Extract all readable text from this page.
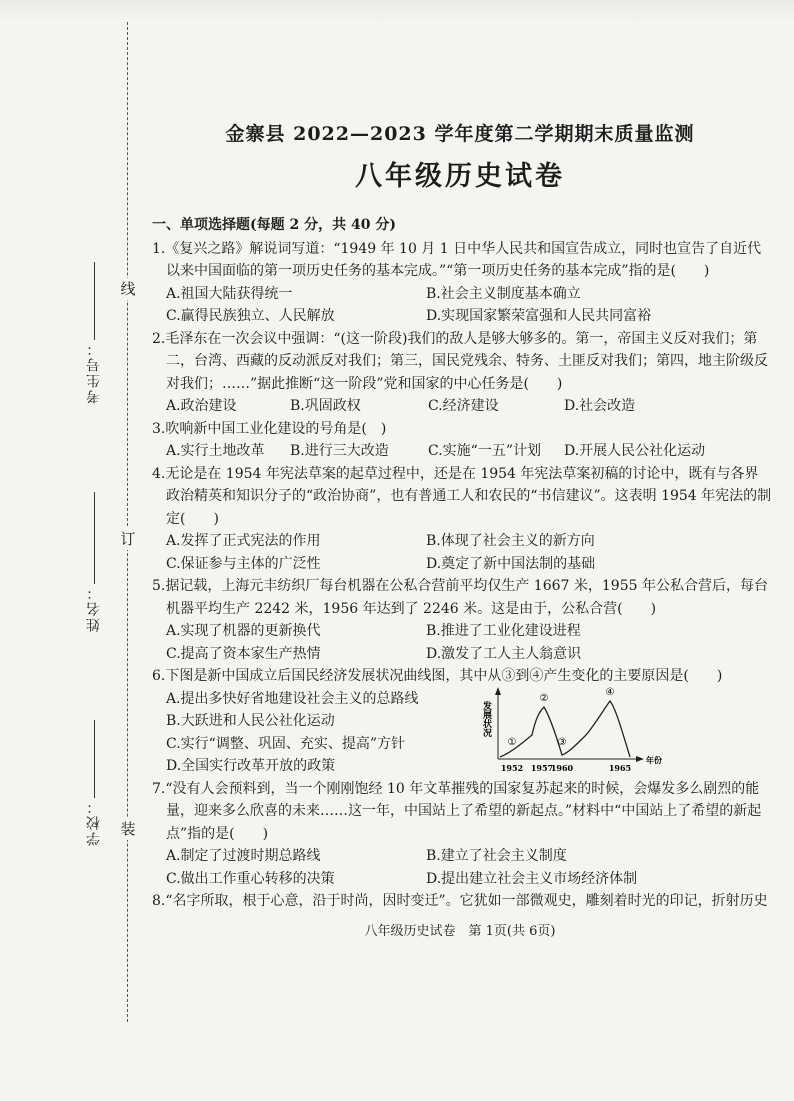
线
订
装
考生号：
姓名：
学校：
金寨县 2022—2023 学年度第二学期期末质量监测
八年级历史试卷
一、单项选择题(每题 2 分，共 40 分)

1.《复兴之路》解说词写道：“1949 年 10 月 1 日中华人民共和国宣告成立，同时也宣告了自近代以来中国面临的第一项历史任务的基本完成。”“第一项历史任务的基本完成”指的是(　　)

A.祖国大陆获得统一	B.社会主义制度基本确立
C.赢得民族独立、人民解放	D.实现国家繁荣富强和人民共同富裕

2.毛泽东在一次会议中强调：“(这一阶段)我们的敌人是够大够多的。第一，帝国主义反对我们；第二，台湾、西藏的反动派反对我们；第三，国民党残余、特务、土匪反对我们；第四，地主阶级反对我们；……”据此推断“这一阶段”党和国家的中心任务是(　　)

A.政治建设	B.巩固政权	C.经济建设	D.社会改造

3.吹响新中国工业化建设的号角是(　)

A.实行土地改革	B.进行三大改造	C.实施“一五”计划	D.开展人民公社化运动

4.无论是在 1954 年宪法草案的起草过程中，还是在 1954 年宪法草案初稿的讨论中，既有与各界政治精英和知识分子的“政治协商”，也有普通工人和农民的“书信建议”。这表明 1954 年宪法的制定(　　)

A.发挥了正式宪法的作用	B.体现了社会主义的新方向
C.保证参与主体的广泛性	D.奠定了新中国法制的基础

5.据记载，上海元丰纺织厂每台机器在公私合营前平均仅生产 1667 米，1955 年公私合营后，每台机器平均生产 2242 米，1956 年达到了 2246 米。这是由于，公私合营(　　)

A.实现了机器的更新换代	B.推进了工业化建设进程
C.提高了资本家生产热情	D.激发了工人主人翁意识

6.下图是新中国成立后国民经济发展状况曲线图，其中从③到④产生变化的主要原因是(　　)

A.提出多快好省地建设社会主义的总路线
B.大跃进和人民公社化运动
C.实行“调整、巩固、充实、提高”方针
D.全国实行改革开放的政策
发展状况
年份
1952 1957
1960	1965
①
②
③
④

7.“没有人会预料到，当一个刚刚饱经 10 年文革摧残的国家复苏起来的时候，会爆发多么剧烈的能量，迎来多么欣喜的未来……这一年，中国站上了希望的新起点。”材料中“中国站上了希望的新起点”指的是(　　)

A.制定了过渡时期总路线	B.建立了社会主义制度
C.做出工作重心转移的决策	D.提出建立社会主义市场经济体制

8.“名字所取，根于心意，沿于时尚，因时变迁”。它犹如一部微观史，雕刻着时光的印记，折射历史

八年级历史试卷　第 1页(共 6页)
